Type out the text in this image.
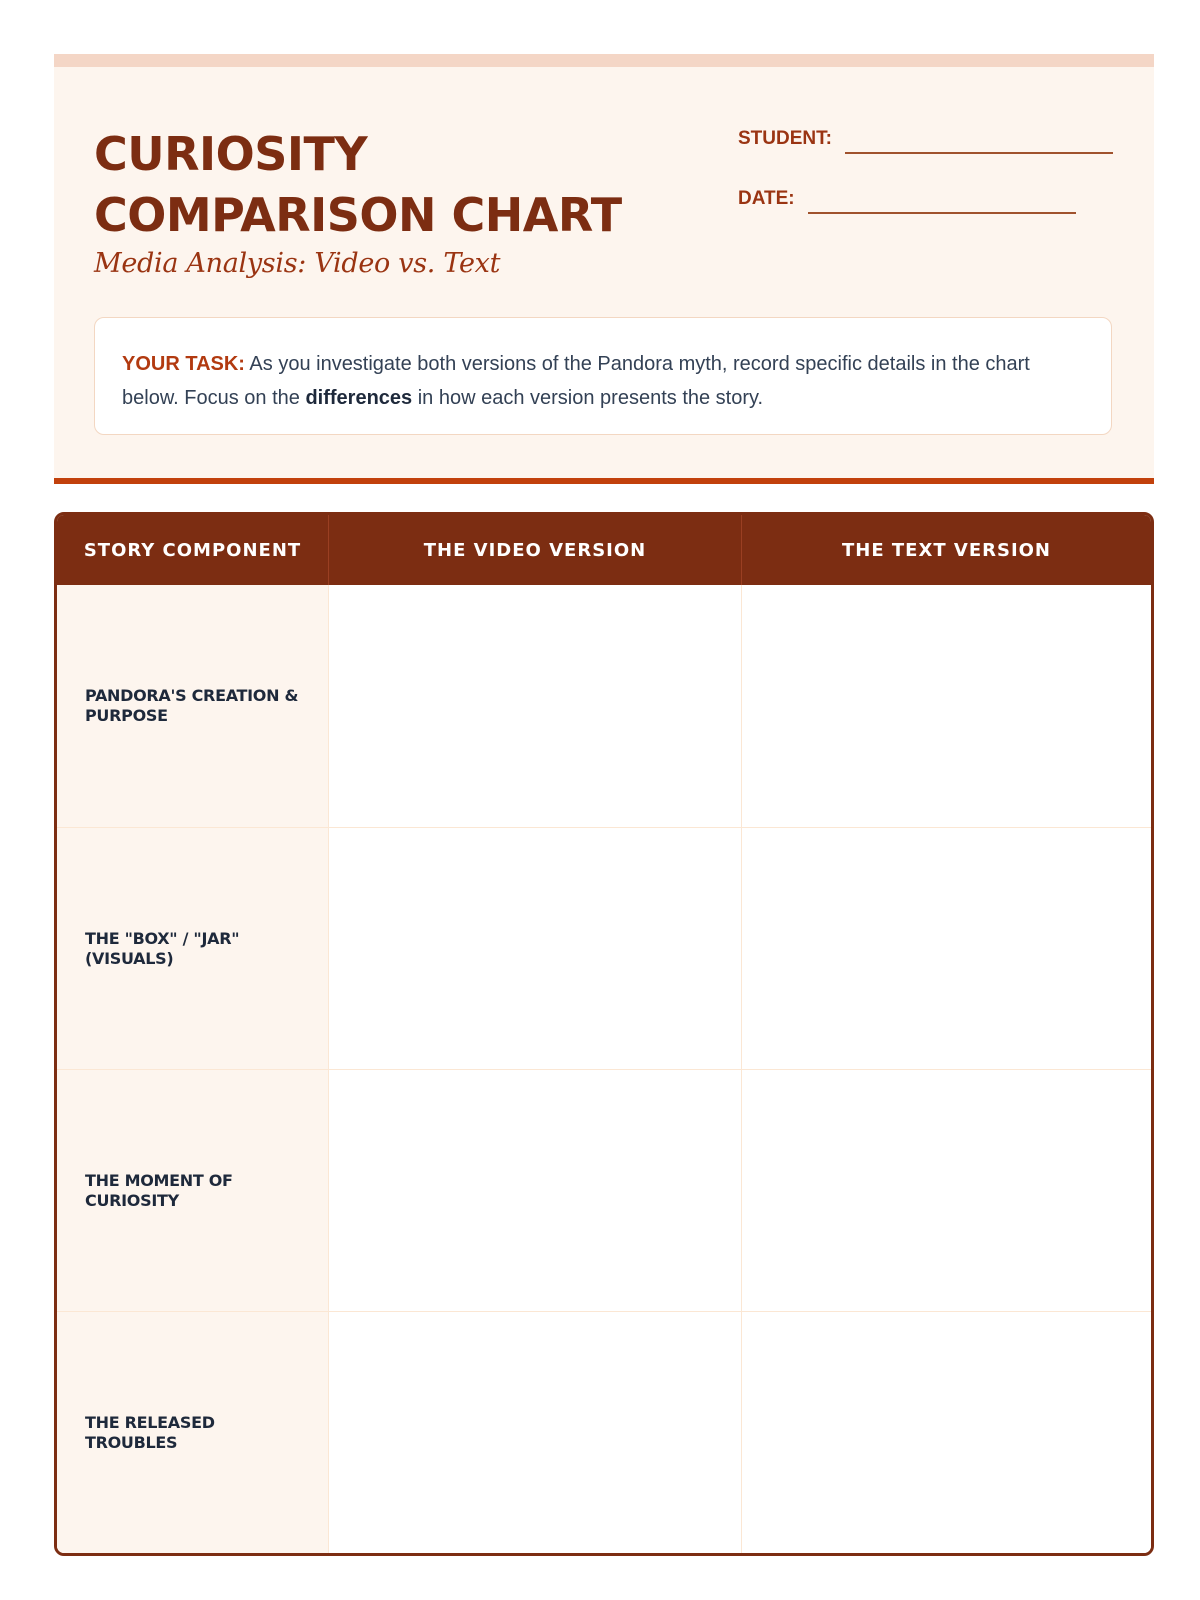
CURIOSITY
COMPARISON CHART

Media Analysis: Video vs. Text

STUDENT:
DATE:
YOUR TASK: As you investigate both versions of the Pandora myth, record specific details in the chart below. Focus on the differences in how each version presents the story.
STORY COMPONENT	THE VIDEO VERSION	THE TEXT VERSION
PANDORA'S CREATION & PURPOSE
THE "BOX" / "JAR" (VISUALS)
THE MOMENT OF CURIOSITY
THE RELEASED TROUBLES
